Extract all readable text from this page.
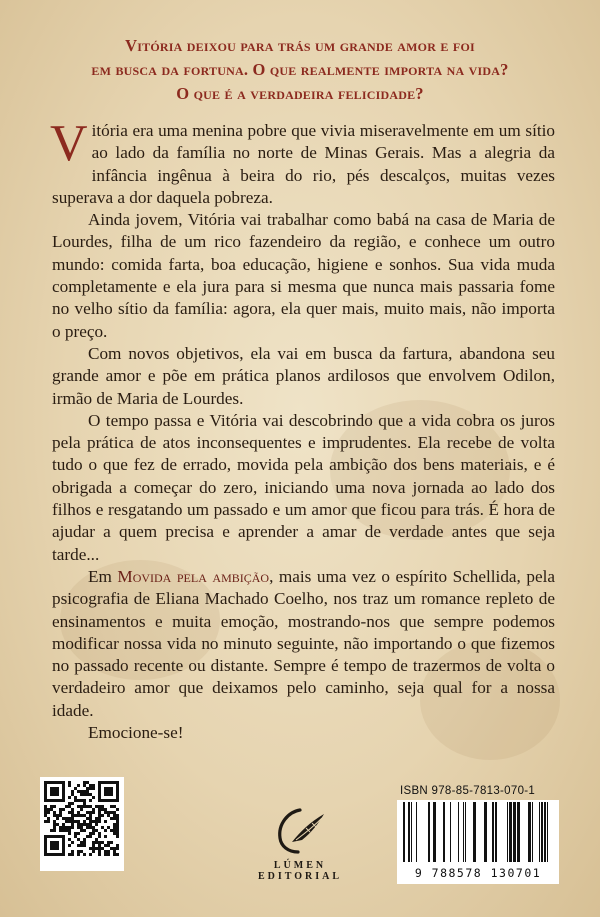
Vitória deixou para trás um grande amor e foi
em busca da fortuna. O que realmente importa na vida?
O que é a verdadeira felicidade?

Vitória era uma menina pobre que vivia miseravelmente em um sítio ao lado da família no norte de Minas Gerais. Mas a alegria da infância ingênua à beira do rio, pés descalços, muitas vezes superava a dor daquela pobreza.

Ainda jovem, Vitória vai trabalhar como babá na casa de Maria de Lourdes, filha de um rico fazendeiro da região, e conhece um outro mundo: comida farta, boa educação, higiene e sonhos. Sua vida muda completamente e ela jura para si mesma que nunca mais passaria fome no velho sítio da família: agora, ela quer mais, muito mais, não importa o preço.

Com novos objetivos, ela vai em busca da fartura, abandona seu grande amor e põe em prática planos ardilosos que envolvem Odilon, irmão de Maria de Lourdes.

O tempo passa e Vitória vai descobrindo que a vida cobra os juros pela prática de atos inconsequentes e imprudentes. Ela recebe de volta tudo o que fez de errado, movida pela ambição dos bens materiais, e é obrigada a começar do zero, iniciando uma nova jornada ao lado dos filhos e resgatando um passado e um amor que ficou para trás. É hora de ajudar a quem precisa e aprender a amar de verdade antes que seja tarde...

Em Movida pela ambição, mais uma vez o espírito Schellida, pela psicografia de Eliana Machado Coelho, nos traz um romance repleto de ensinamentos e muita emoção, mostrando-nos que sempre podemos modificar nossa vida no minuto seguinte, não importando o que fizemos no passado recente ou distante. Sempre é tempo de trazermos de volta o verdadeiro amor que deixamos pelo caminho, seja qual for a nossa idade.

Emocione-se!

LÚMEN
EDITORIAL
ISBN 978-85-7813-070-1
9 788578 130701
